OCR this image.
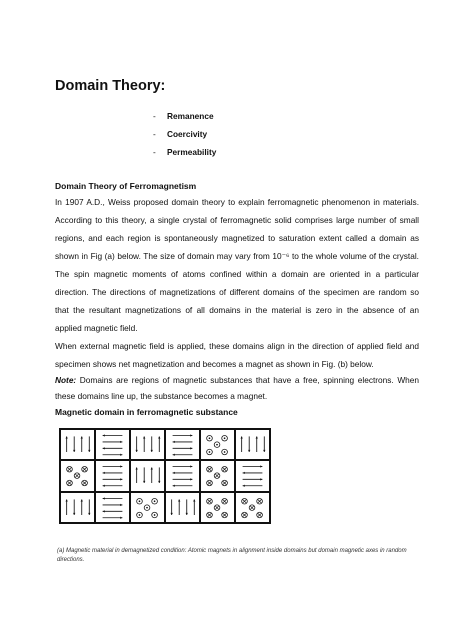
Domain Theory:
- Remanence
- Coercivity
- Permeability
Domain Theory of Ferromagnetism

In 1907 A.D., Weiss proposed domain theory to explain ferromagnetic phenomenon in materials.

According to this theory, a single crystal of ferromagnetic solid comprises large number of small

regions, and each region is spontaneously magnetized to saturation extent called a domain as

shown in Fig (a) below. The size of domain may vary from 10⁻⁶ to the whole volume of the crystal.

The spin magnetic moments of atoms confined within a domain are oriented in a particular

direction. The directions of magnetizations of different domains of the specimen are random so

that the resultant magnetizations of all domains in the material is zero in the absence of an

applied magnetic field.

When external magnetic field is applied, these domains align in the direction of applied field and

specimen shows net magnetization and becomes a magnet as shown in Fig. (b) below.

Note: Domains are regions of magnetic substances that have a free, spinning electrons. When

these domains line up, the substance becomes a magnet.

Magnetic domain in ferromagnetic substance

(a) Magnetic material in demagnetized condition: Atomic magnets in alignment inside domains but domain magnetic axes in random directions.
